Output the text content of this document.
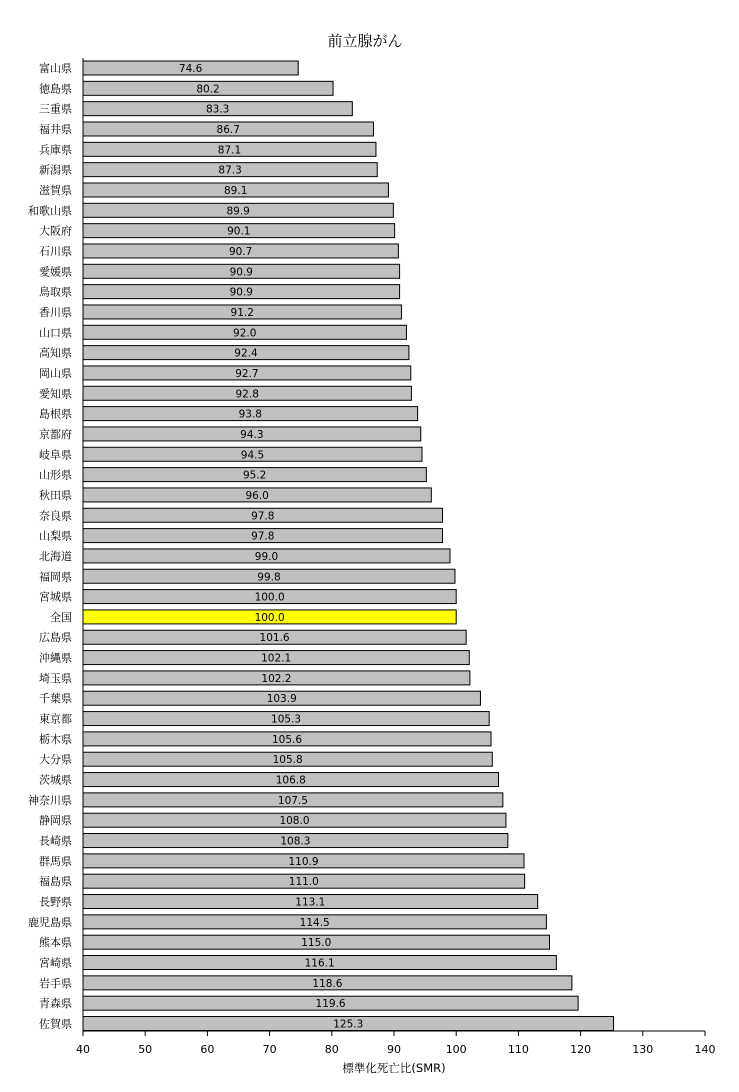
前立腺がん
富山県	74.6
徳島県	80.2
三重県	83.3
福井県	86.7
兵庫県	87.1
新潟県	87.3
滋賀県	89.1
和歌山県	89.9
大阪府	90.1
石川県	90.7
愛媛県	90.9
鳥取県	90.9
香川県	91.2
山口県	92.0
高知県	92.4
岡山県	92.7
愛知県	92.8
島根県	93.8
京都府	94.3
岐阜県	94.5
山形県	95.2
秋田県	96.0
奈良県	97.8
山梨県	97.8
北海道	99.0
福岡県	99.8
宮城県	100.0
全国	100.0
広島県	101.6
沖縄県	102.1
埼玉県	102.2
千葉県	103.9
東京都	105.3
栃木県	105.6
大分県	105.8
茨城県	106.8
神奈川県	107.5
静岡県	108.0
長崎県	108.3
群馬県	110.9
福島県	111.0
長野県	113.1
鹿児島県	114.5
熊本県	115.0
宮崎県	116.1
岩手県	118.6
青森県	119.6
佐賀県	125.3
40	50	60	70	80	90	100	110	120	130	140
標準化死亡比(SMR)
